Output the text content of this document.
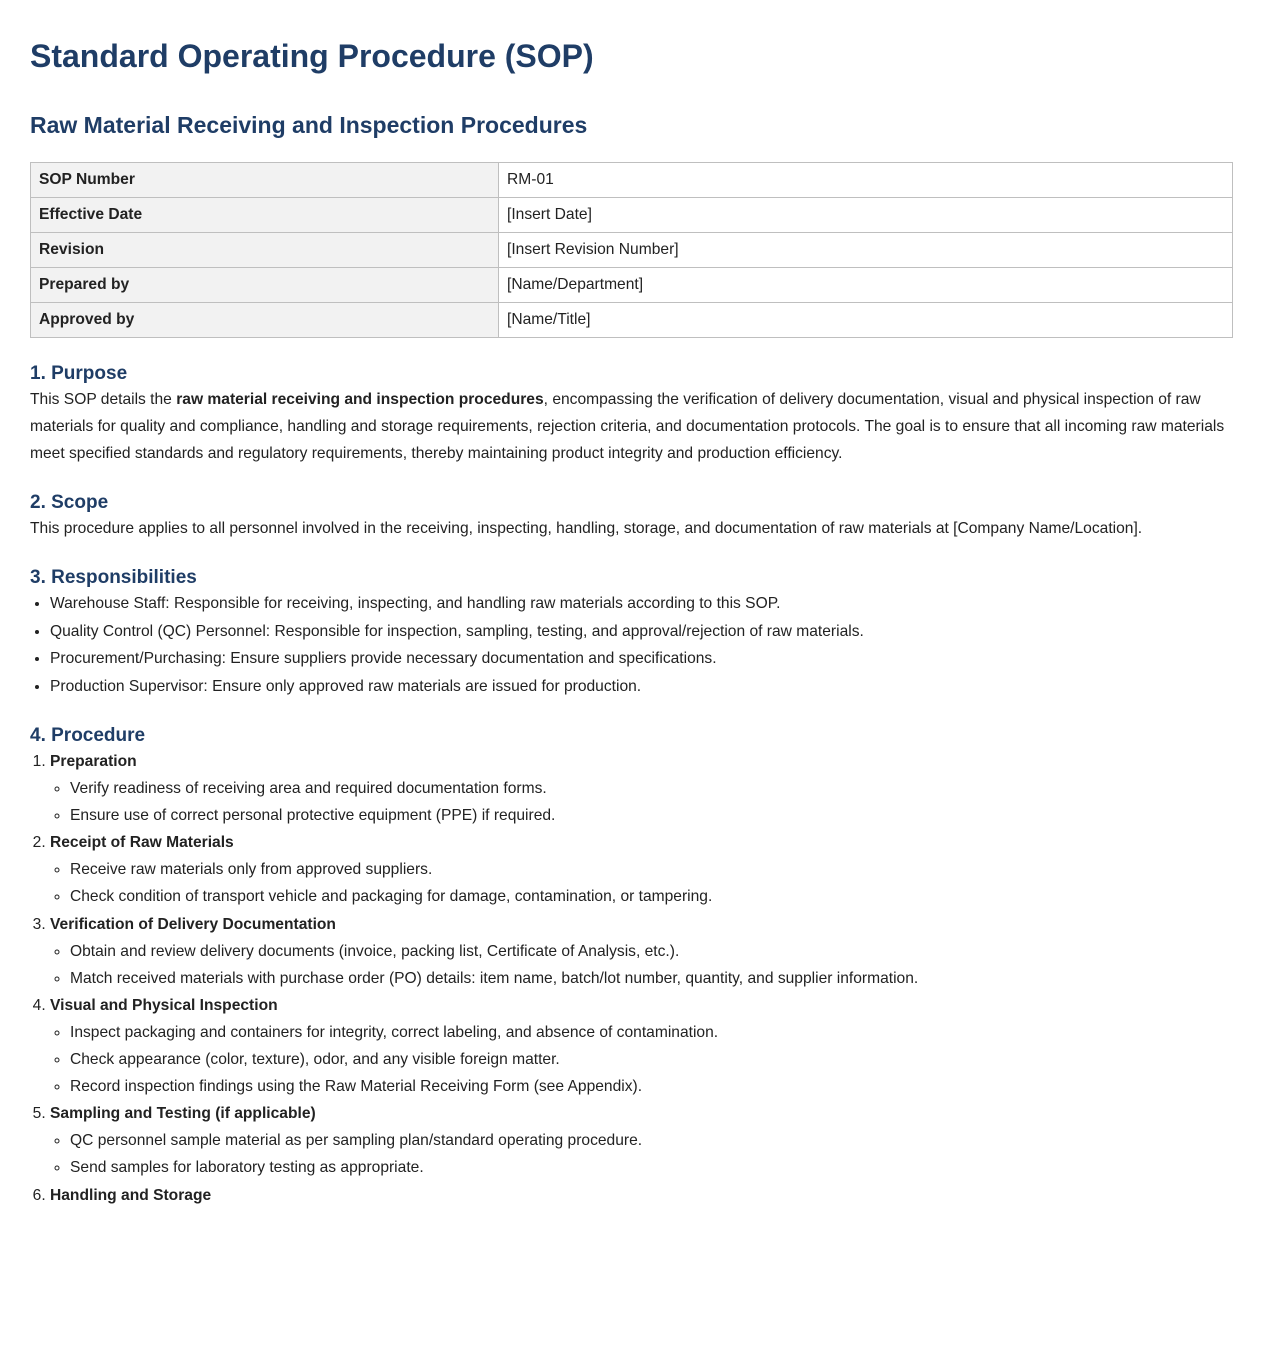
Standard Operating Procedure (SOP)
Raw Material Receiving and Inspection Procedures
SOP Number	RM-01
Effective Date	[Insert Date]
Revision	[Insert Revision Number]
Prepared by	[Name/Department]
Approved by	[Name/Title]
1. Purpose

This SOP details the raw material receiving and inspection procedures, encompassing the verification of delivery documentation, visual and physical inspection of raw materials for quality and compliance, handling and storage requirements, rejection criteria, and documentation protocols. The goal is to ensure that all incoming raw materials meet specified standards and regulatory requirements, thereby maintaining product integrity and production efficiency.

2. Scope

This procedure applies to all personnel involved in the receiving, inspecting, handling, storage, and documentation of raw materials at [Company Name/Location].

3. Responsibilities
• Warehouse Staff: Responsible for receiving, inspecting, and handling raw materials according to this SOP.
• Quality Control (QC) Personnel: Responsible for inspection, sampling, testing, and approval/rejection of raw materials.
• Procurement/Purchasing: Ensure suppliers provide necessary documentation and specifications.
• Production Supervisor: Ensure only approved raw materials are issued for production.
4. Procedure
1. Preparation
◦ Verify readiness of receiving area and required documentation forms.
◦ Ensure use of correct personal protective equipment (PPE) if required.
2. Receipt of Raw Materials
◦ Receive raw materials only from approved suppliers.
◦ Check condition of transport vehicle and packaging for damage, contamination, or tampering.
3. Verification of Delivery Documentation
◦ Obtain and review delivery documents (invoice, packing list, Certificate of Analysis, etc.).
◦ Match received materials with purchase order (PO) details: item name, batch/lot number, quantity, and supplier information.
4. Visual and Physical Inspection
◦ Inspect packaging and containers for integrity, correct labeling, and absence of contamination.
◦ Check appearance (color, texture), odor, and any visible foreign matter.
◦ Record inspection findings using the Raw Material Receiving Form (see Appendix).
5. Sampling and Testing (if applicable)
◦ QC personnel sample material as per sampling plan/standard operating procedure.
◦ Send samples for laboratory testing as appropriate.
6. Handling and Storage
